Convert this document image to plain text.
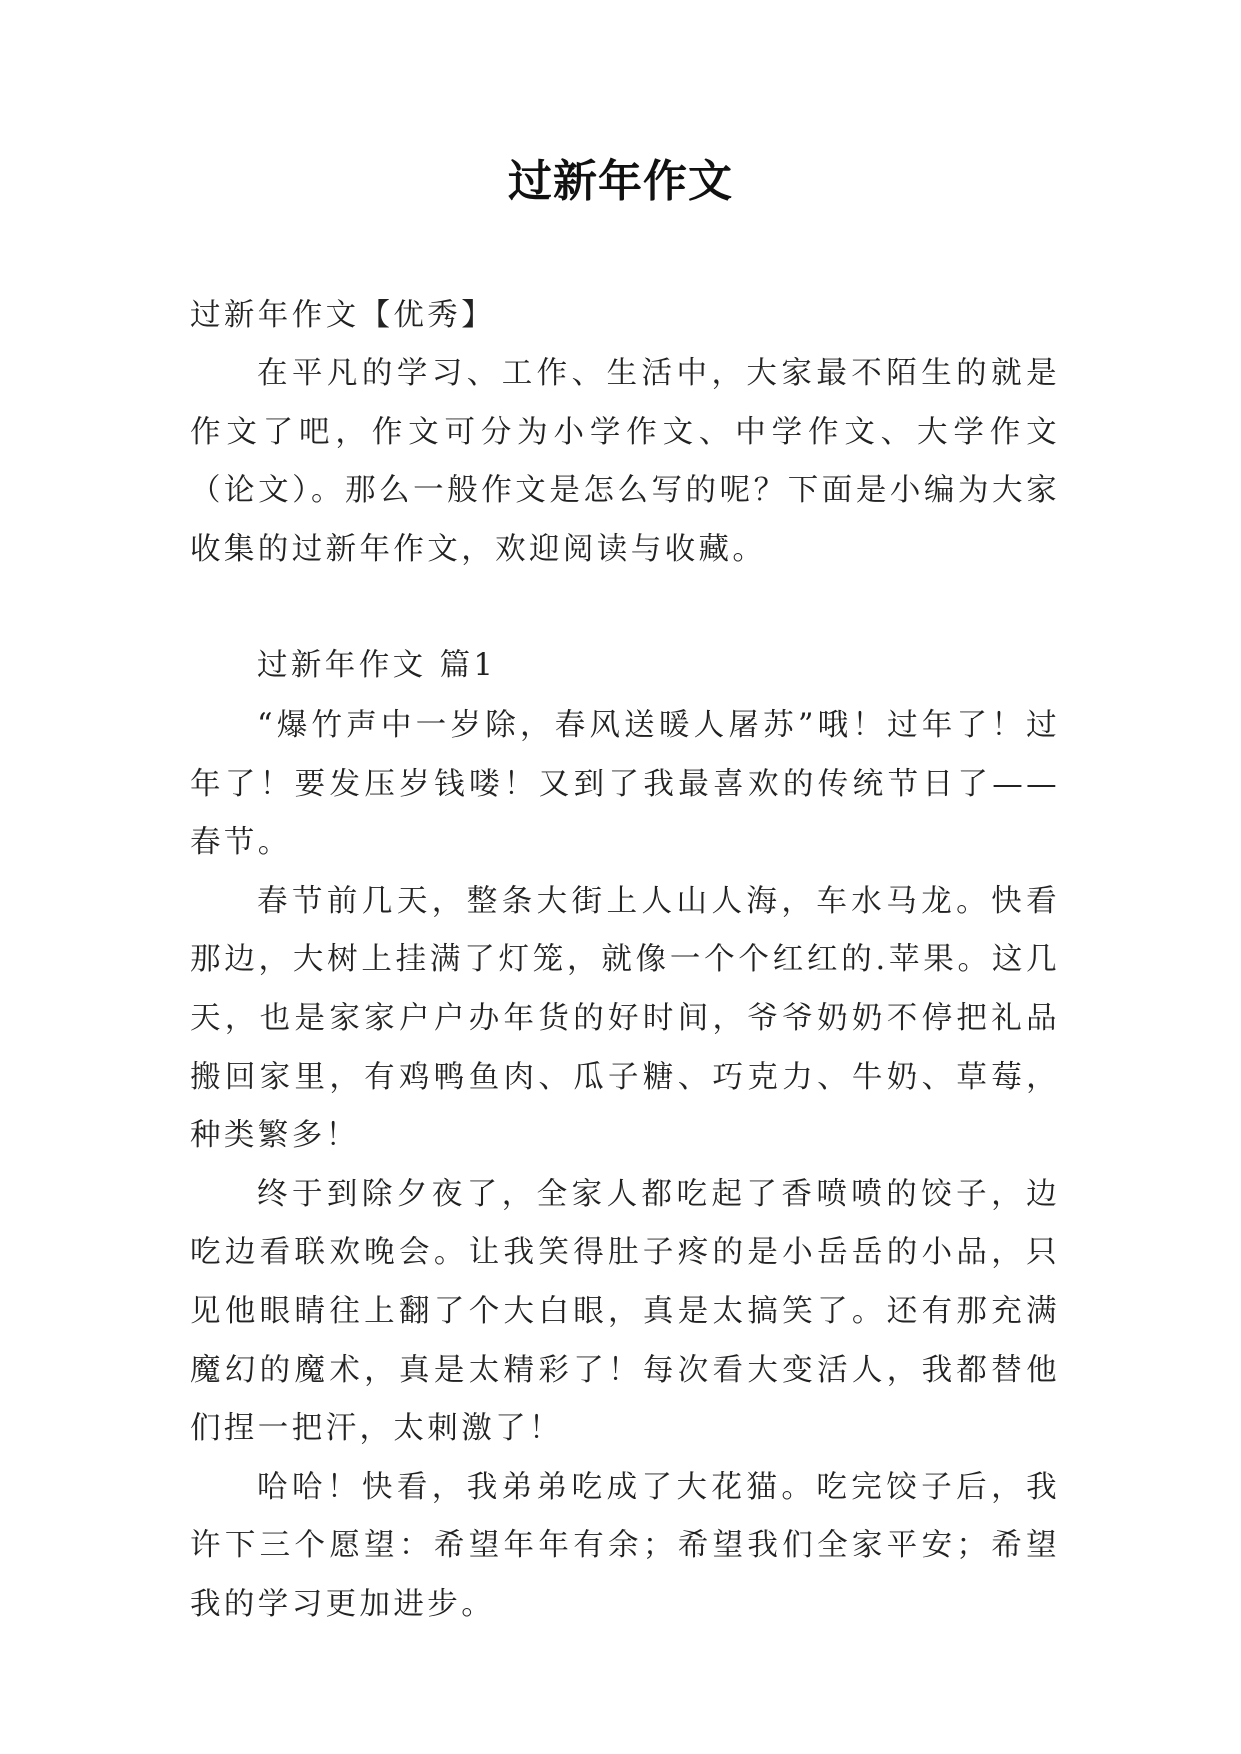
过新年作文
过新年作文【优秀】

在平凡的学习、工作、生活中，大家最不陌生的就是作文了吧，作文可分为小学作文、中学作文、大学作文（论文）。那么一般作文是怎么写的呢？下面是小编为大家收集的过新年作文，欢迎阅读与收藏。

过新年作文 篇1

“爆竹声中一岁除，春风送暖人屠苏”哦！过年了！过年了！要发压岁钱喽！又到了我最喜欢的传统节日了——春节。

春节前几天，整条大街上人山人海，车水马龙。快看那边，大树上挂满了灯笼，就像一个个红红的.苹果。这几天，也是家家户户办年货的好时间，爷爷奶奶不停把礼品搬回家里，有鸡鸭鱼肉、瓜子糖、巧克力、牛奶、草莓，种类繁多！

终于到除夕夜了，全家人都吃起了香喷喷的饺子，边吃边看联欢晚会。让我笑得肚子疼的是小岳岳的小品，只见他眼睛往上翻了个大白眼，真是太搞笑了。还有那充满魔幻的魔术，真是太精彩了！每次看大变活人，我都替他们捏一把汗，太刺激了！

哈哈！快看，我弟弟吃成了大花猫。吃完饺子后，我许下三个愿望：希望年年有余；希望我们全家平安；希望我的学习更加进步。
